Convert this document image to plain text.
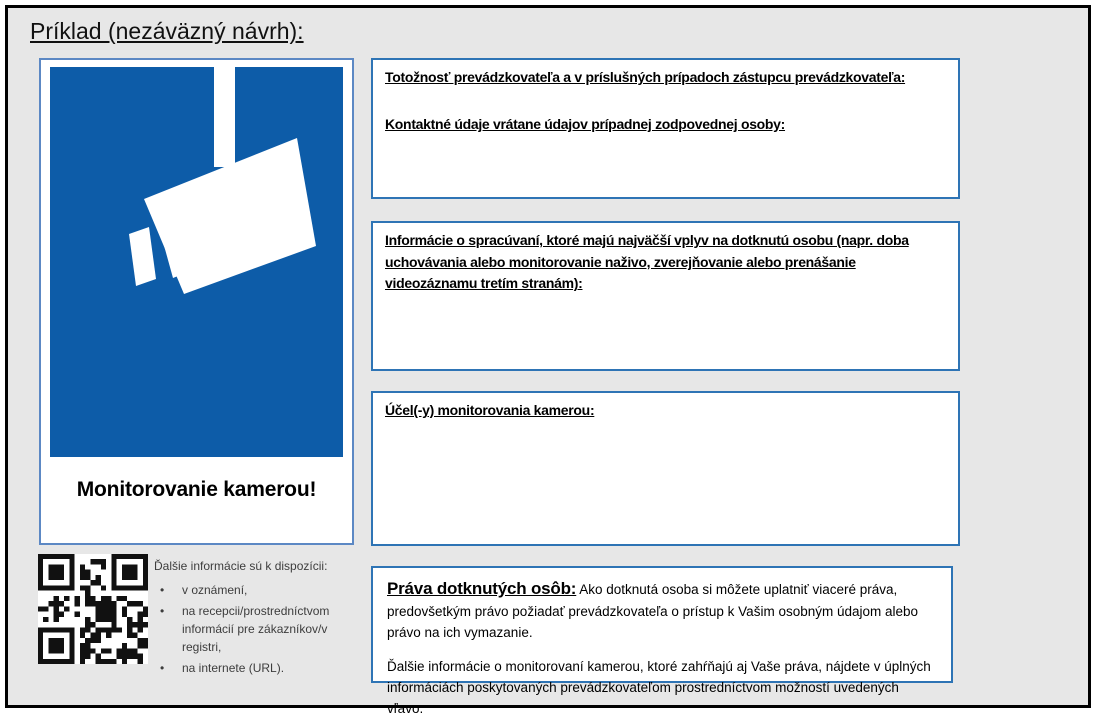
Príklad (nezáväzný návrh):
Monitorovanie kamerou!
Ďalšie informácie sú k dispozícii:
•	v oznámení,
•	na recepcii/prostredníctvom informácií pre zákazníkov/v registri,
•	na internete (URL).
Totožnosť prevádzkovateľa a v príslušných prípadoch zástupcu prevádzkovateľa:
Kontaktné údaje vrátane údajov prípadnej zodpovednej osoby:
Informácie o spracúvaní, ktoré majú najväčší vplyv na dotknutú osobu (napr. doba uchovávania alebo monitorovanie naživo, zverejňovanie alebo prenášanie videozáznamu tretím stranám):
Účel(-y) monitorovania kamerou:

Práva dotknutých osôb: Ako dotknutá osoba si môžete uplatniť viaceré práva, predovšetkým právo požiadať prevádzkovateľa o prístup k Vašim osobným údajom alebo právo na ich vymazanie.

Ďalšie informácie o monitorovaní kamerou, ktoré zahŕňajú aj Vaše práva, nájdete v úplných informáciách poskytovaných prevádzkovateľom prostredníctvom možností uvedených vľavo.
